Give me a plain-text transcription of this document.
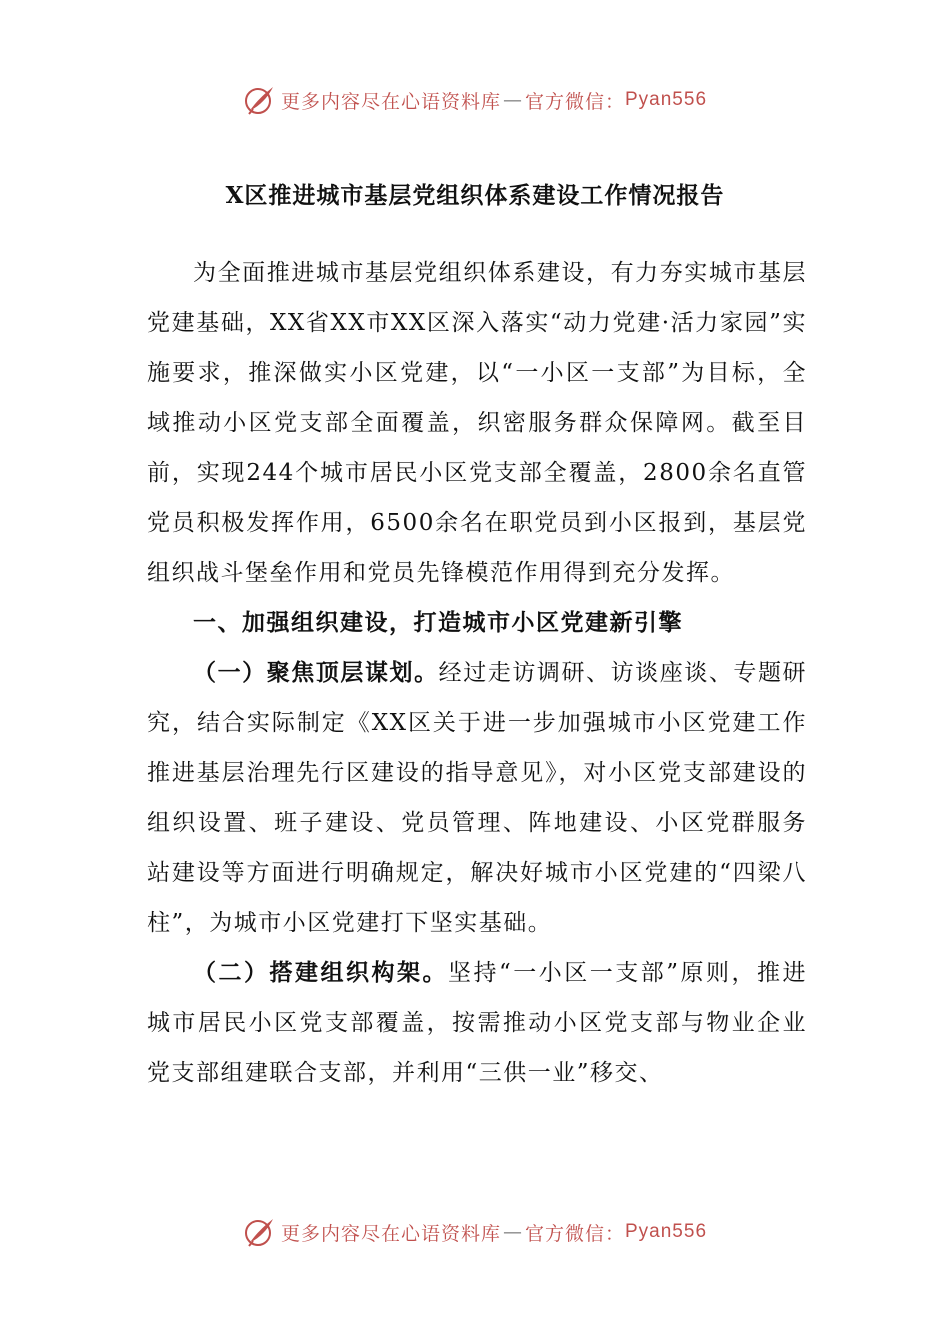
更多内容尽在心语资料库 — 官方微信： Pyan556
X区推进城市基层党组织体系建设工作情况报告

为全面推进城市基层党组织体系建设，有力夯实城市基层党建基础，XX省XX市XX区深入落实“动力党建·活力家园”实施要求，推深做实小区党建，以“一小区一支部”为目标，全域推动小区党支部全面覆盖，织密服务群众保障网。截至目前，实现244个城市居民小区党支部全覆盖，2800余名直管党员积极发挥作用，6500余名在职党员到小区报到，基层党组织战斗堡垒作用和党员先锋模范作用得到充分发挥。

一、加强组织建设，打造城市小区党建新引擎

（一）聚焦顶层谋划。经过走访调研、访谈座谈、专题研究，结合实际制定《XX区关于进一步加强城市小区党建工作推进基层治理先行区建设的指导意见》，对小区党支部建设的组织设置、班子建设、党员管理、阵地建设、小区党群服务站建设等方面进行明确规定，解决好城市小区党建的“四梁八柱”，为城市小区党建打下坚实基础。

（二）搭建组织构架。坚持“一小区一支部”原则，推进城市居民小区党支部覆盖，按需推动小区党支部与物业企业党支部组建联合支部，并利用“三供一业”移交、

更多内容尽在心语资料库 — 官方微信： Pyan556
